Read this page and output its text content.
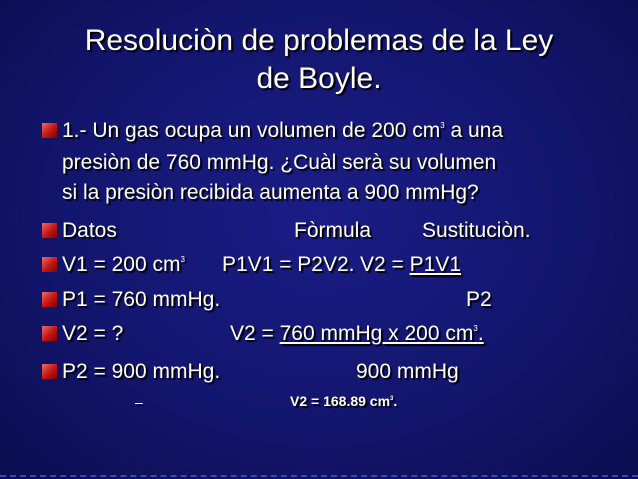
Resoluciòn de problemas de la Ley
de Boyle.
1.- Un gas ocupa un volumen de 200 $cm^3$ a una
presiòn de 760 mmHg. ¿Cuàl serà su volumen
si la presiòn recibida aumenta a 900 mmHg?
Datos	Fòrmula Sustituciòn.
V1 = 200 $cm^3$ P1V1 = P2V2. V2 = P1V1
P1 = 760 mmHg.	P2
V2 = ?	V2 = 760 mmHg x 200 $cm^3$.
P2 = 900 mmHg.	900 mmHg
–	V2 = 168.89 $cm^3$.
